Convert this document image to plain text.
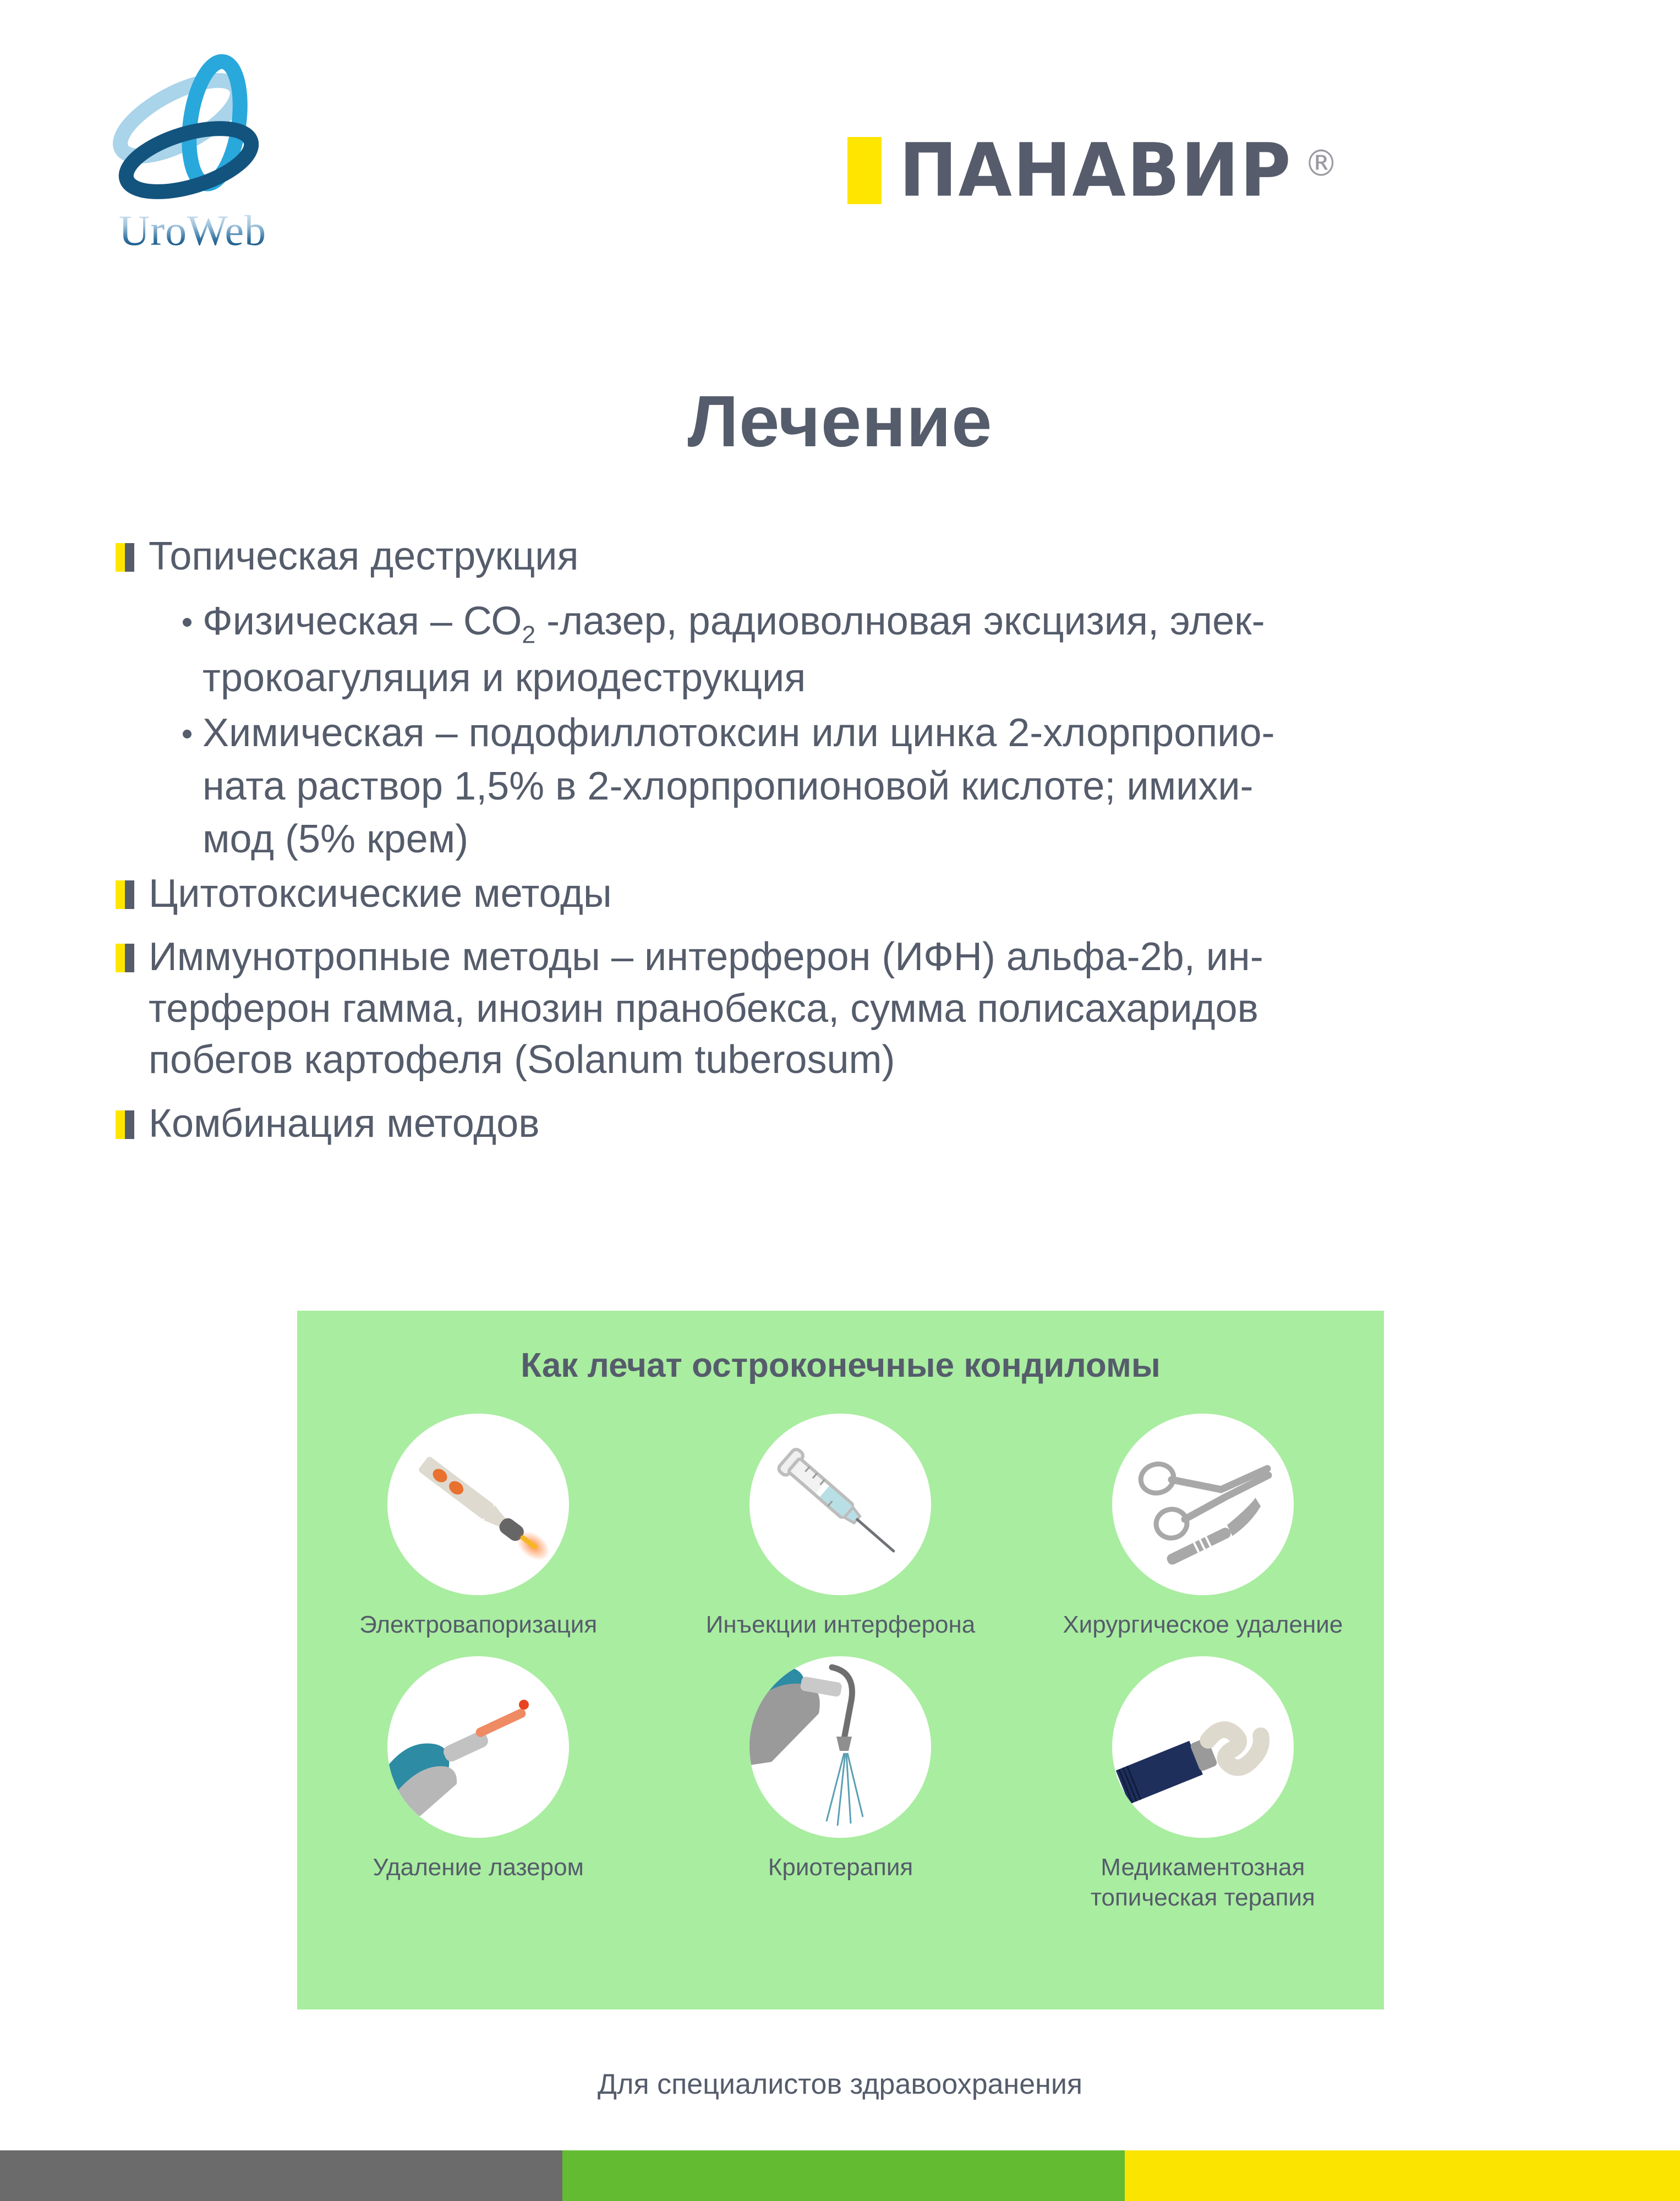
UroWeb
ПАНАВИР ®
Лечение
Топическая деструкция
Физическая – $СО_2$ -лазер, радиоволновая эксцизия, элек-
трокоагуляция и криодеструкция
Химическая – подофиллотоксин или цинка 2-хлорпропио-
ната раствор 1,5% в 2-хлорпропионовой кислоте; имихи-
мод (5% крем)
Цитотоксические методы
Иммунотропные методы – интерферон (ИФН) альфа-2b, ин-
терферон гамма, инозин пранобекса, сумма полисахаридов
побегов картофеля (Solanum tuberosum)
Комбинация методов
Как лечат остроконечные кондиломы
Электровапоризация	Инъекции интерферона	Хирургическое удаление
Удаление лазером	Криотерапия	Медикаментозная
топическая терапия
Для специалистов здравоохранения
